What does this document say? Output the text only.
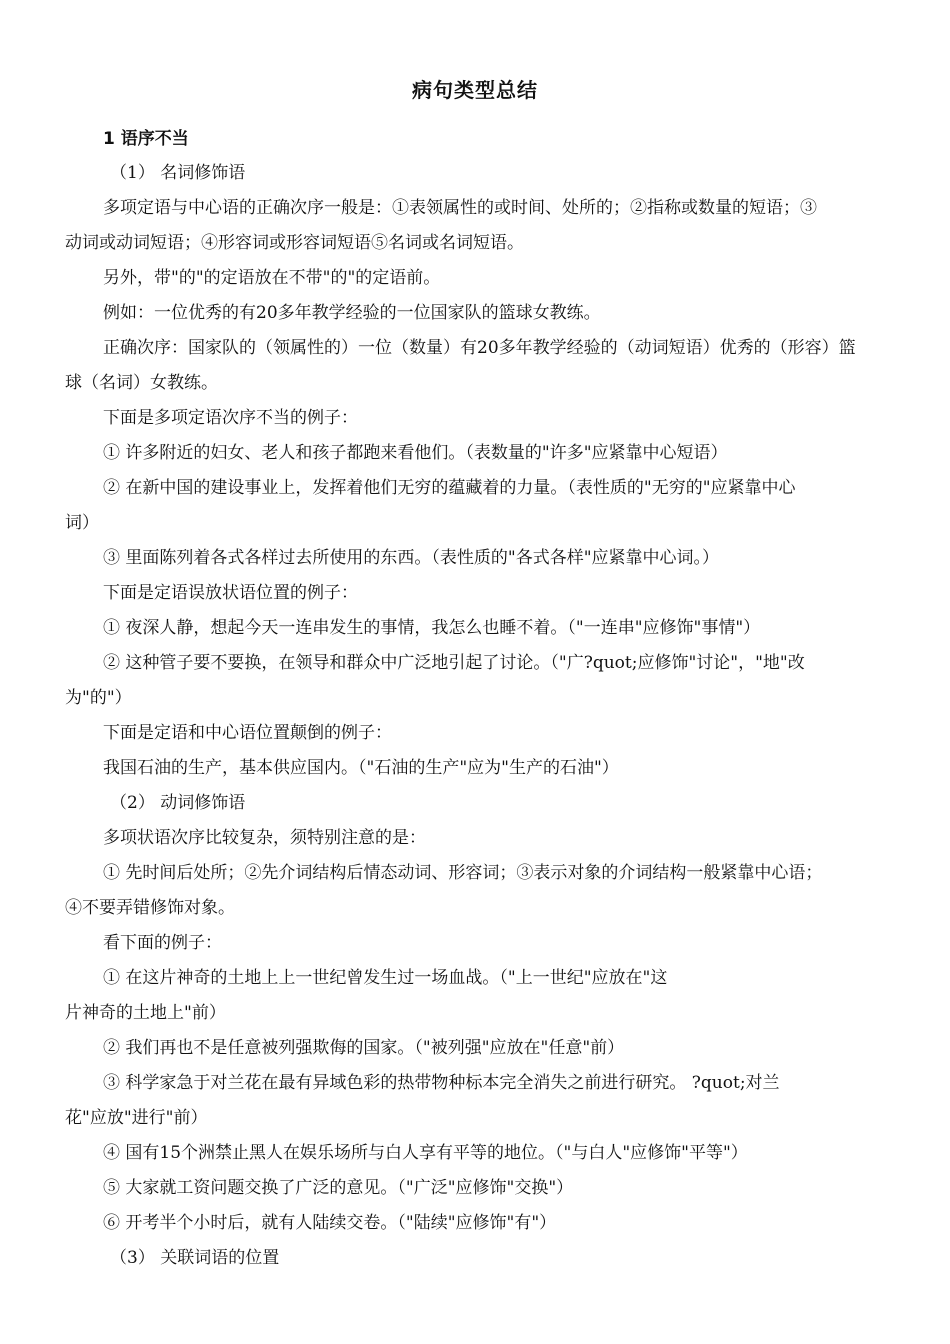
病句类型总结
1 语序不当
（1） 名词修饰语
多项定语与中心语的正确次序一般是：①表领属性的或时间、处所的；②指称或数量的短语；③
动词或动词短语；④形容词或形容词短语⑤名词或名词短语。
另外，带"的"的定语放在不带"的"的定语前。
例如：一位优秀的有20多年教学经验的一位国家队的篮球女教练。
正确次序：国家队的（领属性的）一位（数量）有20多年教学经验的（动词短语）优秀的（形容）篮
球（名词）女教练。
下面是多项定语次序不当的例子：
① 许多附近的妇女、老人和孩子都跑来看他们。（表数量的"许多"应紧靠中心短语）
② 在新中国的建设事业上，发挥着他们无穷的蕴藏着的力量。（表性质的"无穷的"应紧靠中心
词）
③ 里面陈列着各式各样过去所使用的东西。（表性质的"各式各样"应紧靠中心词。）
下面是定语误放状语位置的例子：
① 夜深人静，想起今天一连串发生的事情，我怎么也睡不着。（"一连串"应修饰"事情"）
② 这种管子要不要换，在领导和群众中广泛地引起了讨论。（"广?quot;应修饰"讨论"，"地"改
为"的"）
下面是定语和中心语位置颠倒的例子：
我国石油的生产，基本供应国内。（"石油的生产"应为"生产的石油"）
（2） 动词修饰语
多项状语次序比较复杂，须特别注意的是：
① 先时间后处所；②先介词结构后情态动词、形容词；③表示对象的介词结构一般紧靠中心语；
④不要弄错修饰对象。
看下面的例子：
① 在这片神奇的土地上上一世纪曾发生过一场血战。（"上一世纪"应放在"这
片神奇的土地上"前）
② 我们再也不是任意被列强欺侮的国家。（"被列强"应放在"任意"前）
③ 科学家急于对兰花在最有异域色彩的热带物种标本完全消失之前进行研究。 ?quot;对兰
花"应放"进行"前）
④ 国有15个洲禁止黑人在娱乐场所与白人享有平等的地位。（"与白人"应修饰"平等"）
⑤ 大家就工资问题交换了广泛的意见。（"广泛"应修饰"交换"）
⑥ 开考半个小时后，就有人陆续交卷。（"陆续"应修饰"有"）
（3） 关联词语的位置
